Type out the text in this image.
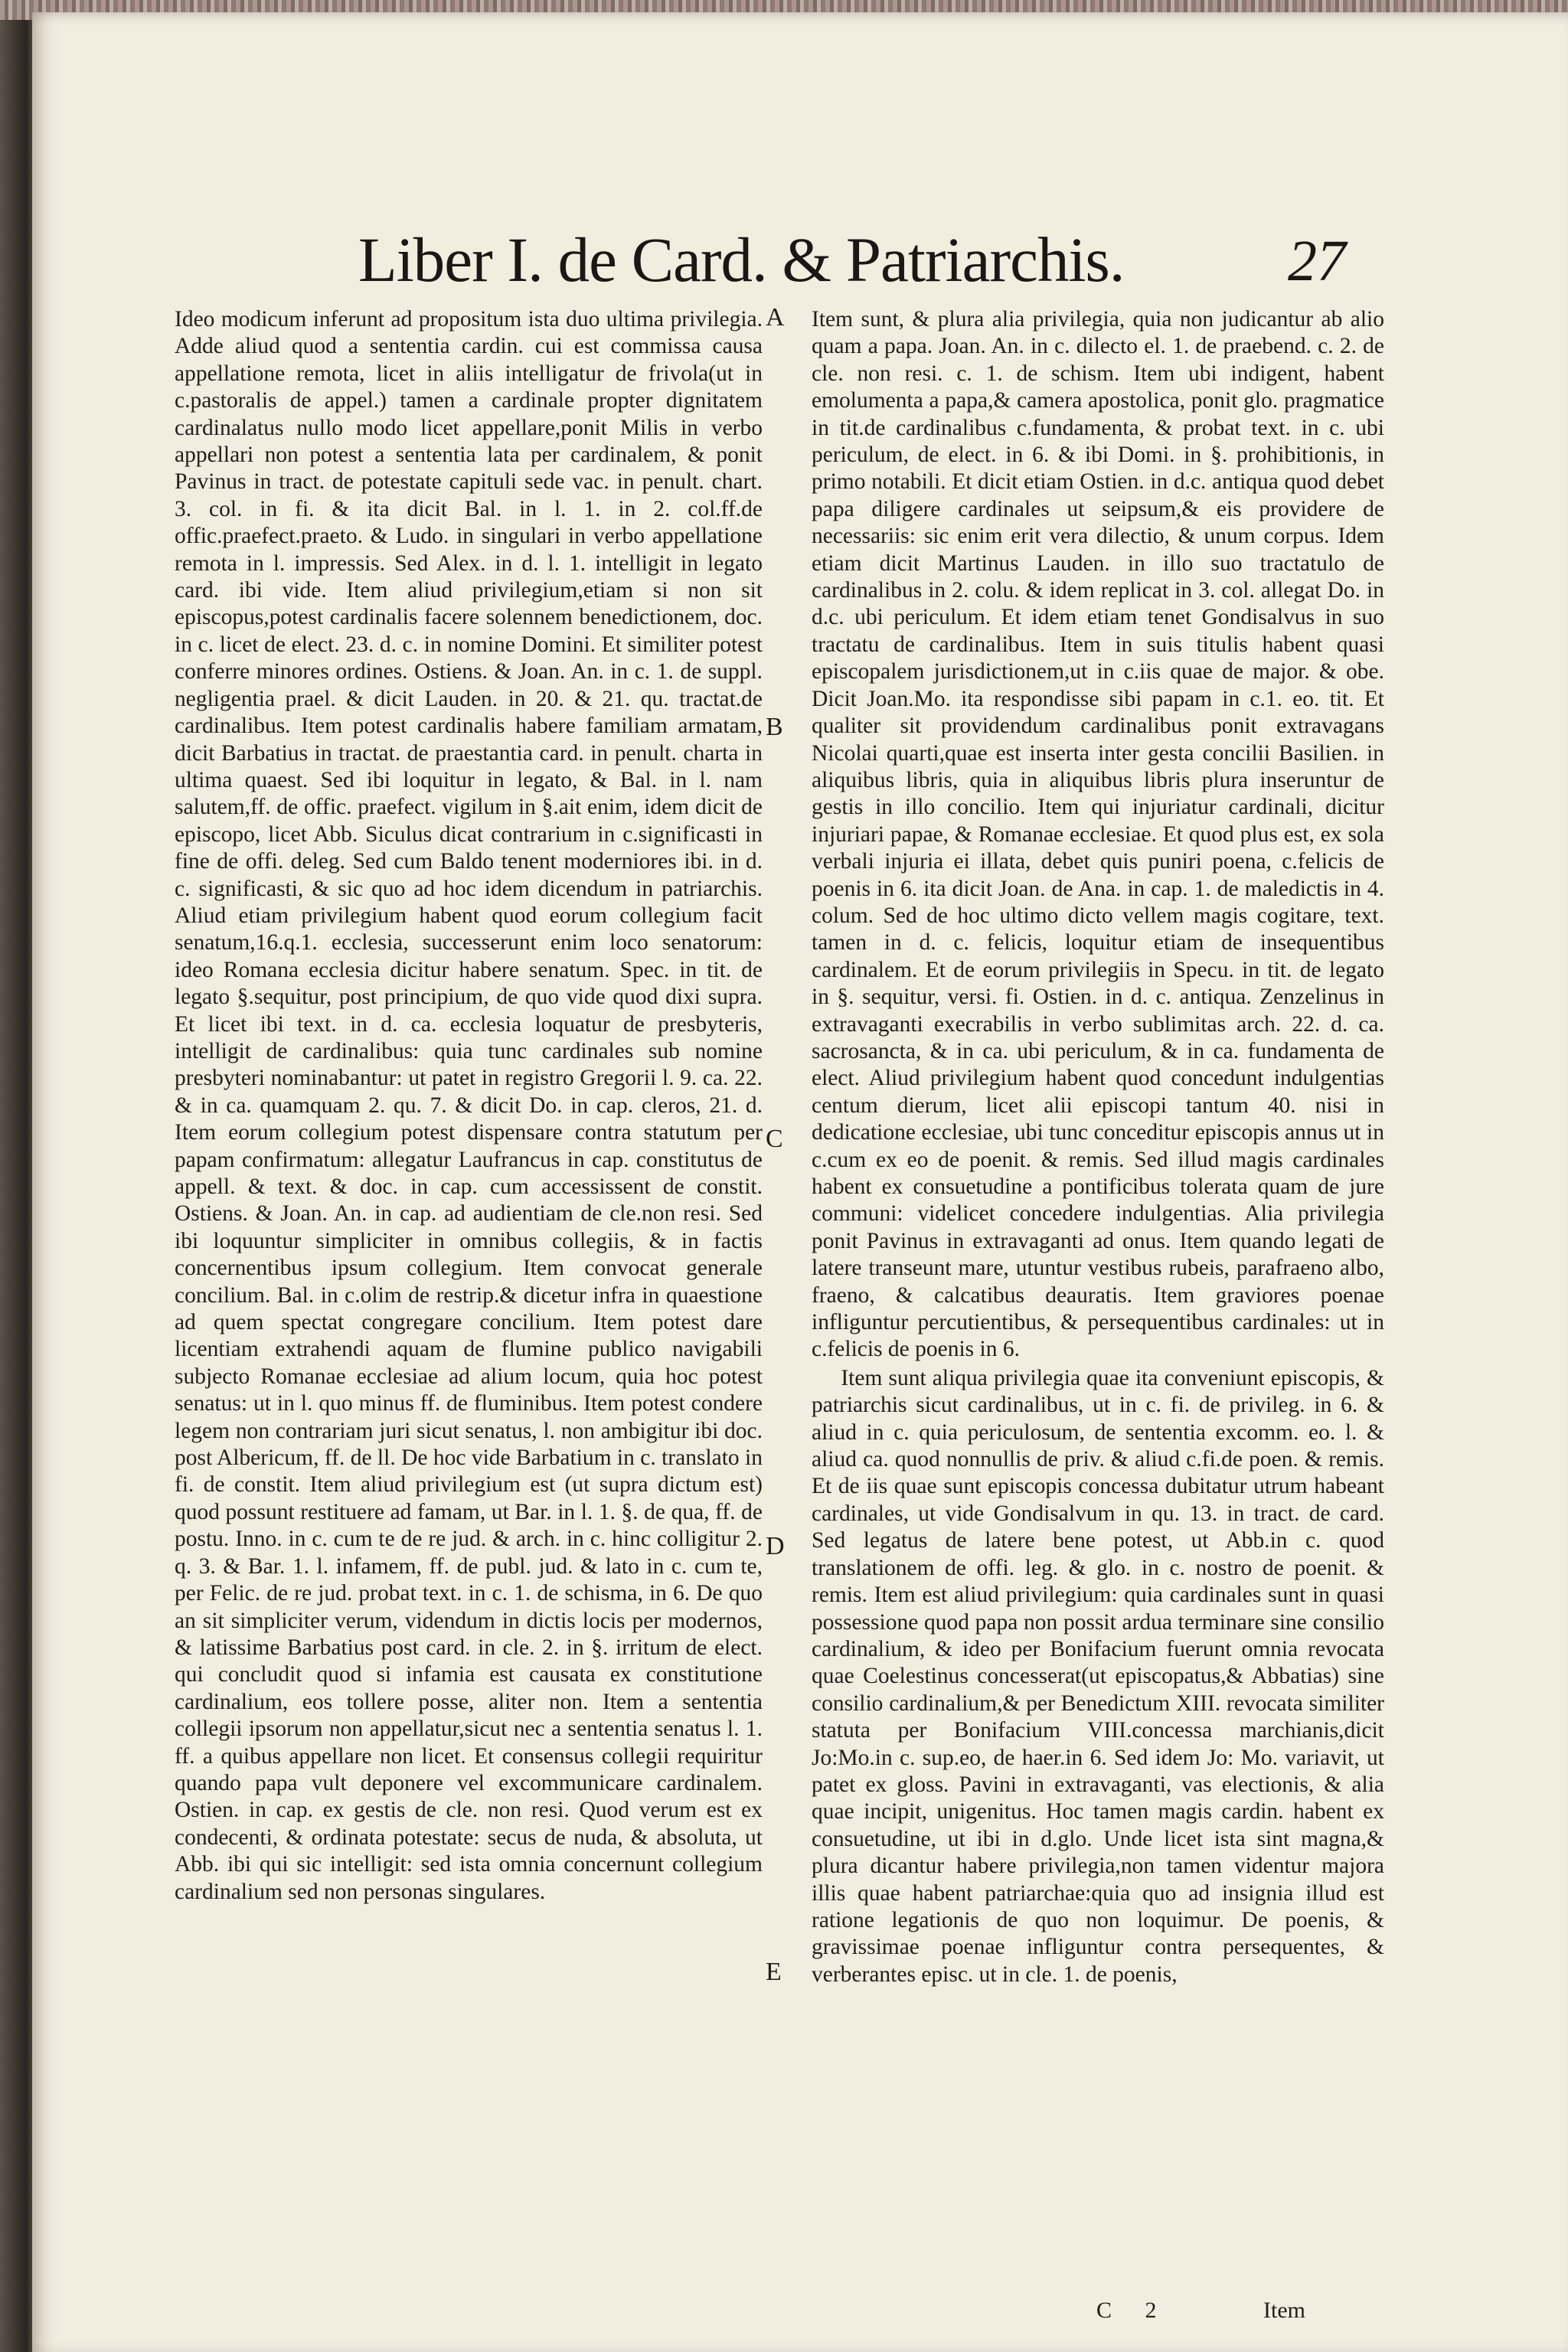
Liber I. de Card. & Patriarchis.	27

Ideo modicum inferunt ad propositum ista duo ultima privilegia. Adde aliud quod a sententia cardin. cui est commissa causa appellatione remota, licet in aliis intelligatur de frivola(ut in c.pastoralis de appel.) tamen a cardinale propter dignitatem cardinalatus nullo modo licet appellare,ponit Milis in verbo appellari non potest a sententia lata per cardinalem, & ponit Pavinus in tract. de potestate capituli sede vac. in penult. chart. 3. col. in fi. & ita dicit Bal. in l. 1. in 2. col.ff.de offic.praefect.praeto. & Ludo. in singulari in verbo appellatione remota in l. impressis. Sed Alex. in d. l. 1. intelligit in legato card. ibi vide. Item aliud privilegium,etiam si non sit episcopus,potest cardinalis facere solennem benedictionem, doc. in c. licet de elect. 23. d. c. in nomine Domini. Et similiter potest conferre minores ordines. Ostiens. & Joan. An. in c. 1. de suppl. negligentia prael. & dicit Lauden. in 20. & 21. qu. tractat.de cardinalibus. Item potest cardinalis habere familiam armatam, dicit Barbatius in tractat. de praestantia card. in penult. charta in ultima quaest. Sed ibi loquitur in legato, & Bal. in l. nam salutem,ff. de offic. praefect. vigilum in §.ait enim, idem dicit de episcopo, licet Abb. Siculus dicat contrarium in c.significasti in fine de offi. deleg. Sed cum Baldo tenent moderniores ibi. in d. c. significasti, & sic quo ad hoc idem dicendum in patriarchis. Aliud etiam privilegium habent quod eorum collegium facit senatum,16.q.1. ecclesia, successerunt enim loco senatorum: ideo Romana ecclesia dicitur habere senatum. Spec. in tit. de legato §.sequitur, post principium, de quo vide quod dixi supra. Et licet ibi text. in d. ca. ecclesia loquatur de presbyteris, intelligit de cardinalibus: quia tunc cardinales sub nomine presbyteri nominabantur: ut patet in registro Gregorii l. 9. ca. 22. & in ca. quamquam 2. qu. 7. & dicit Do. in cap. cleros, 21. d. Item eorum collegium potest dispensare contra statutum per papam confirmatum: allegatur Laufrancus in cap. constitutus de appell. & text. & doc. in cap. cum accessissent de constit. Ostiens. & Joan. An. in cap. ad audientiam de cle.non resi. Sed ibi loquuntur simpliciter in omnibus collegiis, & in factis concernentibus ipsum collegium. Item convocat generale concilium. Bal. in c.olim de restrip.& dicetur infra in quaestione ad quem spectat congregare concilium. Item potest dare licentiam extrahendi aquam de flumine publico navigabili subjecto Romanae ecclesiae ad alium locum, quia hoc potest senatus: ut in l. quo minus ff. de fluminibus. Item potest condere legem non contrariam juri sicut senatus, l. non ambigitur ibi doc. post Albericum, ff. de ll. De hoc vide Barbatium in c. translato in fi. de constit. Item aliud privilegium est (ut supra dictum est) quod possunt restituere ad famam, ut Bar. in l. 1. §. de qua, ff. de postu. Inno. in c. cum te de re jud. & arch. in c. hinc colligitur 2. q. 3. & Bar. 1. l. infamem, ff. de publ. jud. & lato in c. cum te, per Felic. de re jud. probat text. in c. 1. de schisma, in 6. De quo an sit simpliciter verum, videndum in dictis locis per modernos, & latissime Barbatius post card. in cle. 2. in §. irritum de elect. qui concludit quod si infamia est causata ex constitutione cardinalium, eos tollere posse, aliter non. Item a sententia collegii ipsorum non appellatur,sicut nec a sententia senatus l. 1. ff. a quibus appellare non licet. Et consensus collegii requiritur quando papa vult deponere vel excommunicare cardinalem. Ostien. in cap. ex gestis de cle. non resi. Quod verum est ex condecenti, & ordinata potestate: secus de nuda, & absoluta, ut Abb. ibi qui sic intelligit: sed ista omnia concernunt collegium cardinalium sed non personas singulares.

Item sunt, & plura alia privilegia, quia non judicantur ab alio quam a papa. Joan. An. in c. dilecto el. 1. de praebend. c. 2. de cle. non resi. c. 1. de schism. Item ubi indigent, habent emolumenta a papa,& camera apostolica, ponit glo. pragmatice in tit.de cardinalibus c.fundamenta, & probat text. in c. ubi periculum, de elect. in 6. & ibi Domi. in §. prohibitionis, in primo notabili. Et dicit etiam Ostien. in d.c. antiqua quod debet papa diligere cardinales ut seipsum,& eis providere de necessariis: sic enim erit vera dilectio, & unum corpus. Idem etiam dicit Martinus Lauden. in illo suo tractatulo de cardinalibus in 2. colu. & idem replicat in 3. col. allegat Do. in d.c. ubi periculum. Et idem etiam tenet Gondisalvus in suo tractatu de cardinalibus. Item in suis titulis habent quasi episcopalem jurisdictionem,ut in c.iis quae de major. & obe. Dicit Joan.Mo. ita respondisse sibi papam in c.1. eo. tit. Et qualiter sit providendum cardinalibus ponit extravagans Nicolai quarti,quae est inserta inter gesta concilii Basilien. in aliquibus libris, quia in aliquibus libris plura inseruntur de gestis in illo concilio. Item qui injuriatur cardinali, dicitur injuriari papae, & Romanae ecclesiae. Et quod plus est, ex sola verbali injuria ei illata, debet quis puniri poena, c.felicis de poenis in 6. ita dicit Joan. de Ana. in cap. 1. de maledictis in 4. colum. Sed de hoc ultimo dicto vellem magis cogitare, text. tamen in d. c. felicis, loquitur etiam de insequentibus cardinalem. Et de eorum privilegiis in Specu. in tit. de legato in §. sequitur, versi. fi. Ostien. in d. c. antiqua. Zenzelinus in extravaganti execrabilis in verbo sublimitas arch. 22. d. ca. sacrosancta, & in ca. ubi periculum, & in ca. fundamenta de elect. Aliud privilegium habent quod concedunt indulgentias centum dierum, licet alii episcopi tantum 40. nisi in dedicatione ecclesiae, ubi tunc conceditur episcopis annus ut in c.cum ex eo de poenit. & remis. Sed illud magis cardinales habent ex consuetudine a pontificibus tolerata quam de jure communi: videlicet concedere indulgentias. Alia privilegia ponit Pavinus in extravaganti ad onus. Item quando legati de latere transeunt mare, utuntur vestibus rubeis, parafraeno albo, fraeno, & calcatibus deauratis. Item graviores poenae infliguntur percutientibus, & persequentibus cardinales: ut in c.felicis de poenis in 6.

Item sunt aliqua privilegia quae ita conveniunt episcopis, & patriarchis sicut cardinalibus, ut in c. fi. de privileg. in 6. & aliud in c. quia periculosum, de sententia excomm. eo. l. & aliud ca. quod nonnullis de priv. & aliud c.fi.de poen. & remis. Et de iis quae sunt episcopis concessa dubitatur utrum habeant cardinales, ut vide Gondisalvum in qu. 13. in tract. de card. Sed legatus de latere bene potest, ut Abb.in c. quod translationem de offi. leg. & glo. in c. nostro de poenit. & remis. Item est aliud privilegium: quia cardinales sunt in quasi possessione quod papa non possit ardua terminare sine consilio cardinalium, & ideo per Bonifacium fuerunt omnia revocata quae Coelestinus concesserat(ut episcopatus,& Abbatias) sine consilio cardinalium,& per Benedictum XIII. revocata similiter statuta per Bonifacium VIII.concessa marchianis,dicit Jo:Mo.in c. sup.eo, de haer.in 6. Sed idem Jo: Mo. variavit, ut patet ex gloss. Pavini in extravaganti, vas electionis, & alia quae incipit, unigenitus. Hoc tamen magis cardin. habent ex consuetudine, ut ibi in d.glo. Unde licet ista sint magna,& plura dicantur habere privilegia,non tamen videntur majora illis quae habent patriarchae:quia quo ad insignia illud est ratione legationis de quo non loquimur. De poenis, & gravissimae poenae infliguntur contra persequentes, & verberantes episc. ut in cle. 1. de poenis,

A
B
C
D
E
C 2	Item
